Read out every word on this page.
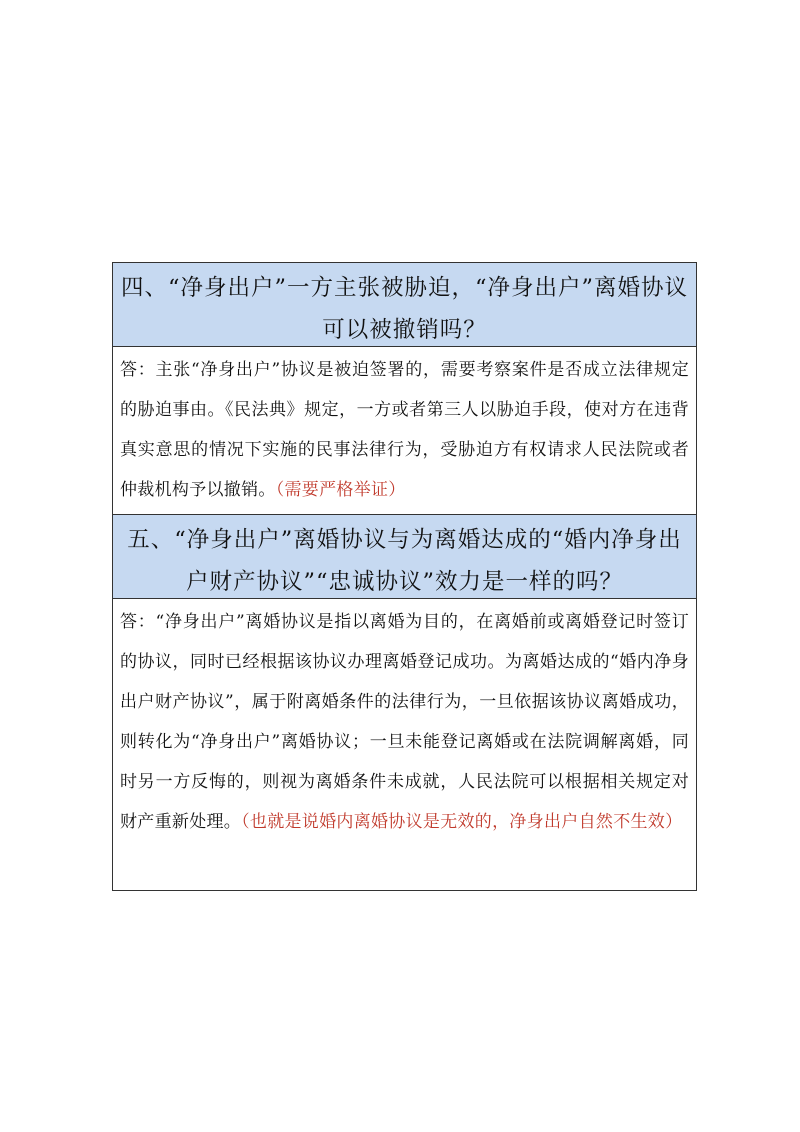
四、“净身出户”一方主张被胁迫，“净身出户”离婚协议可以被撤销吗？
答：主张“净身出户”协议是被迫签署的，需要考察案件是否成立法律规定的胁迫事由。《民法典》规定，一方或者第三人以胁迫手段，使对方在违背真实意思的情况下实施的民事法律行为，受胁迫方有权请求人民法院或者仲裁机构予以撤销。（需要严格举证）
五、“净身出户”离婚协议与为离婚达成的“婚内净身出户财产协议”“忠诚协议”效力是一样的吗？
答：“净身出户”离婚协议是指以离婚为目的，在离婚前或离婚登记时签订的协议，同时已经根据该协议办理离婚登记成功。为离婚达成的“婚内净身出户财产协议”，属于附离婚条件的法律行为，一旦依据该协议离婚成功，则转化为“净身出户”离婚协议；一旦未能登记离婚或在法院调解离婚，同时另一方反悔的，则视为离婚条件未成就，人民法院可以根据相关规定对财产重新处理。（也就是说婚内离婚协议是无效的，净身出户自然不生效）
